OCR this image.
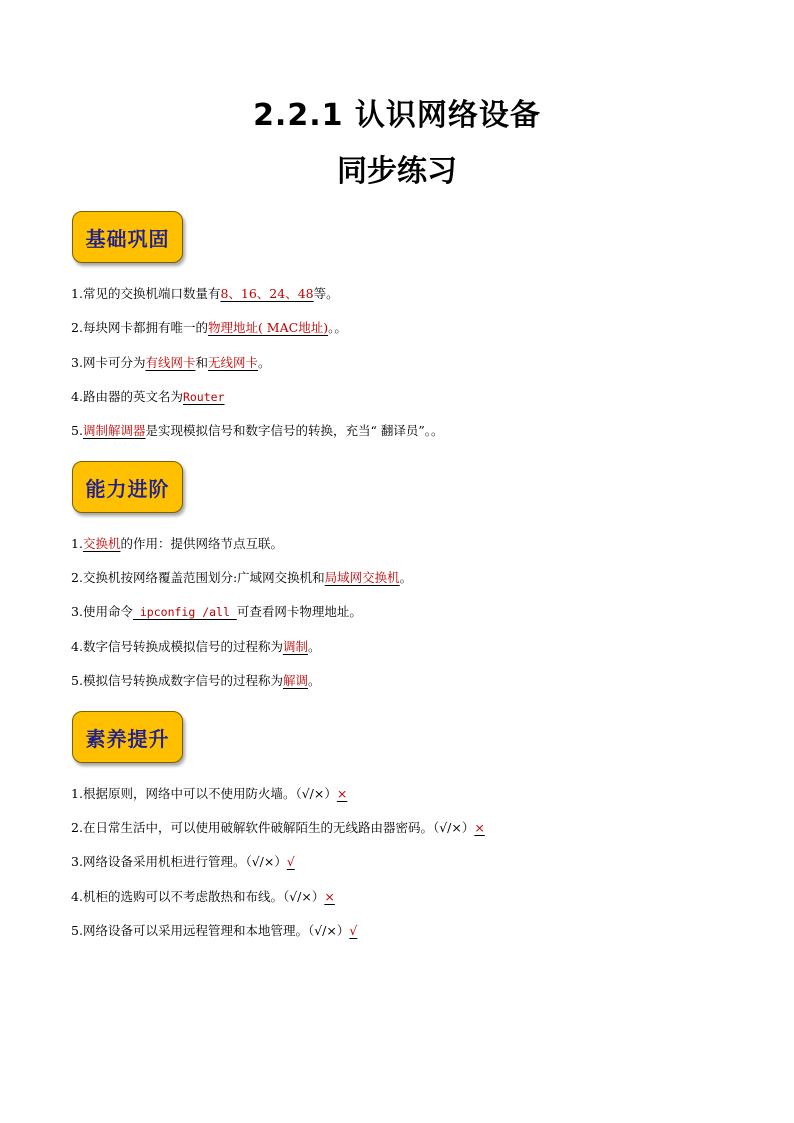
2.2.1 认识网络设备
同步练习
基础巩固
1.常见的交换机端口数量有8、16、24、48等。
2.每块网卡都拥有唯一的物理地址( MAC地址)。。
3.网卡可分为有线网卡和无线网卡。
4.路由器的英文名为Router
5.调制解调器是实现模拟信号和数字信号的转换，充当“ 翻译员”。。
能力进阶
1.交换机的作用：提供网络节点互联。
2.交换机按网络覆盖范围划分:广域网交换机和局域网交换机。
3.使用命令 ipconfig /all 可查看网卡物理地址。
4.数字信号转换成模拟信号的过程称为调制。
5.模拟信号转换成数字信号的过程称为解调。
素养提升
1.根据原则，网络中可以不使用防火墙。（√/×）×
2.在日常生活中，可以使用破解软件破解陌生的无线路由器密码。（√/×）×
3.网络设备采用机柜进行管理。（√/×）√
4.机柜的选购可以不考虑散热和布线。（√/×）×
5.网络设备可以采用远程管理和本地管理。（√/×）√
